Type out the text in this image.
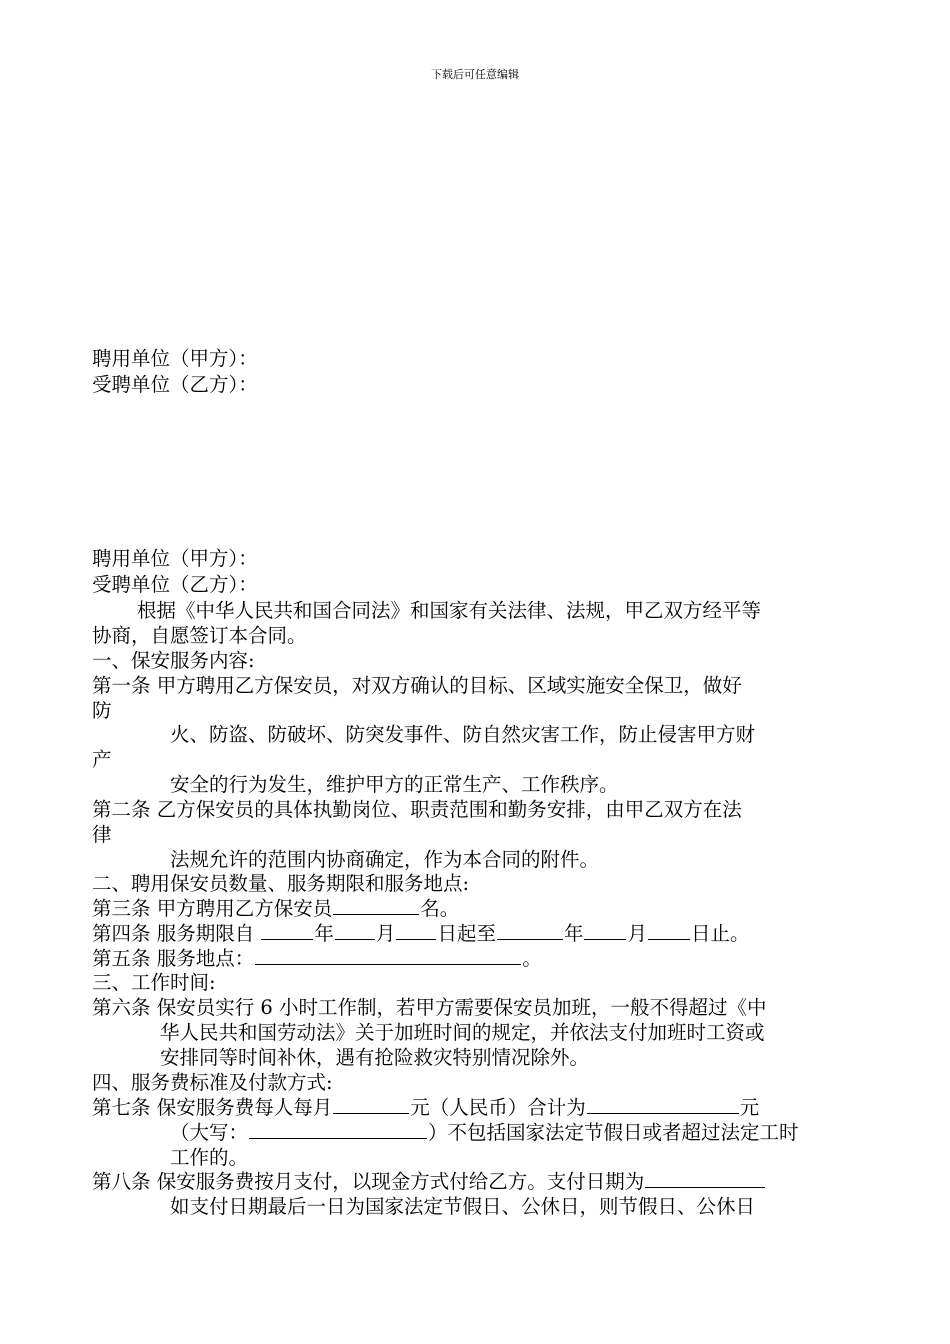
下载后可任意编辑
聘用单位（甲方）：
受聘单位（乙方）：
聘用单位（甲方）：
受聘单位（乙方）：
根据《中华人民共和国合同法》和国家有关法律、法规，甲乙双方经平等
协商，自愿签订本合同。
一、保安服务内容:
第一条 甲方聘用乙方保安员，对双方确认的目标、区域实施安全保卫，做好
防
火、防盗、防破坏、防突发事件、防自然灾害工作，防止侵害甲方财
产
安全的行为发生，维护甲方的正常生产、工作秩序。
第二条 乙方保安员的具体执勤岗位、职责范围和勤务安排，由甲乙双方在法
律
法规允许的范围内协商确定，作为本合同的附件。
二、聘用保安员数量、服务期限和服务地点:
第三条 甲方聘用乙方保安员	名。
第四条 服务期限自	年 月 日起至	年 月 日止。
第五条 服务地点：	。
三、工作时间:
第六条 保安员实行 6 小时工作制，若甲方需要保安员加班，一般不得超过《中
华人民共和国劳动法》关于加班时间的规定，并依法支付加班时工资或
安排同等时间补休，遇有抢险救灾特别情况除外。
四、服务费标准及付款方式:
第七条 保安服务费每人每月	元（人民币）合计为	元
（大写：	）不包括国家法定节假日或者超过法定工时
工作的。
第八条 保安服务费按月支付，以现金方式付给乙方。支付日期为
如支付日期最后一日为国家法定节假日、公休日，则节假日、公休日
